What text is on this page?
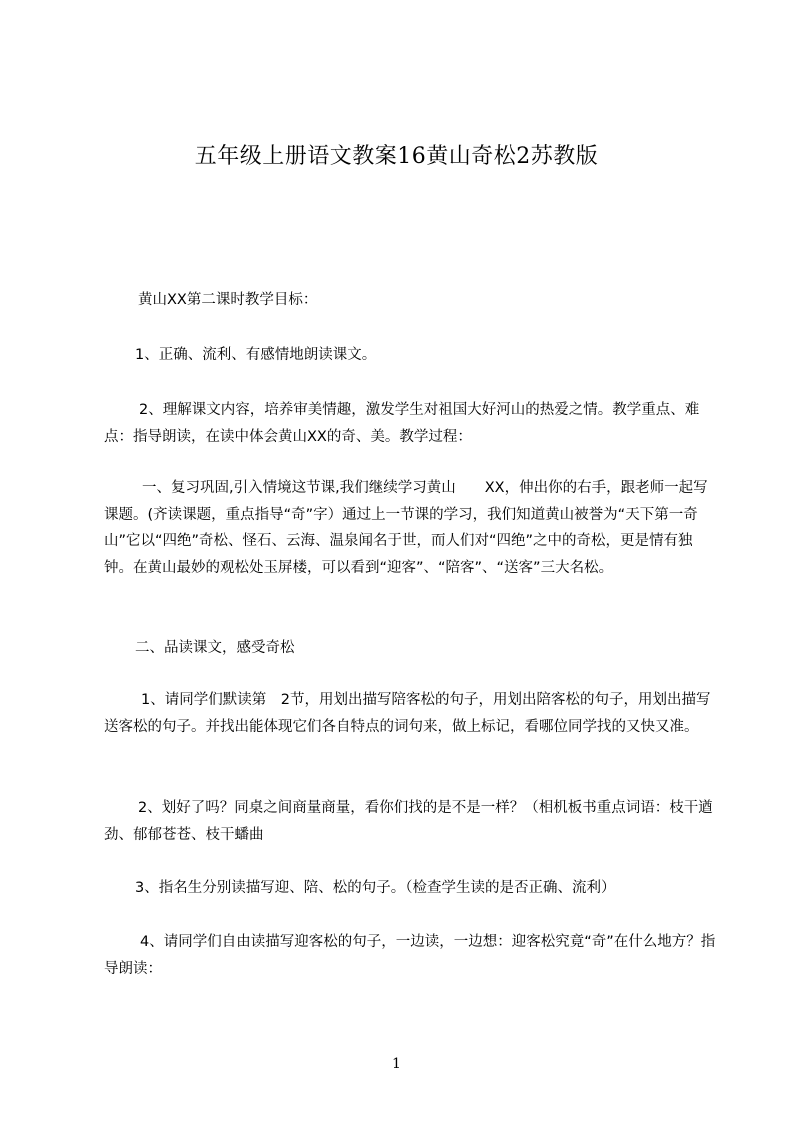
五年级上册语文教案16黄山奇松2苏教版

黄山XX第二课时教学目标：

1、正确、流利、有感情地朗读课文。

2、理解课文内容，培养审美情趣，激发学生对祖国大好河山的热爱之情。教学重点、难点：指导朗读，在读中体会黄山XX的奇、美。教学过程：

一、复习巩固,引入情境这节课,我们继续学习黄山　　XX，伸出你的右手，跟老师一起写课题。(齐读课题，重点指导“奇”字）通过上一节课的学习，我们知道黄山被誉为“天下第一奇山”它以“四绝”奇松、怪石、云海、温泉闻名于世，而人们对“四绝”之中的奇松，更是情有独钟。在黄山最妙的观松处玉屏楼，可以看到“迎客”、“陪客”、“送客”三大名松。

二、品读课文，感受奇松

1、请同学们默读第　2节，用划出描写陪客松的句子，用划出陪客松的句子，用划出描写送客松的句子。并找出能体现它们各自特点的词句来，做上标记，看哪位同学找的又快又准。

2、划好了吗？同桌之间商量商量，看你们找的是不是一样？（相机板书重点词语：枝干遒劲、郁郁苍苍、枝干蟠曲

3、指名生分别读描写迎、陪、松的句子。（检查学生读的是否正确、流利）

4、请同学们自由读描写迎客松的句子，一边读，一边想：迎客松究竟“奇”在什么地方？指导朗读：

1
